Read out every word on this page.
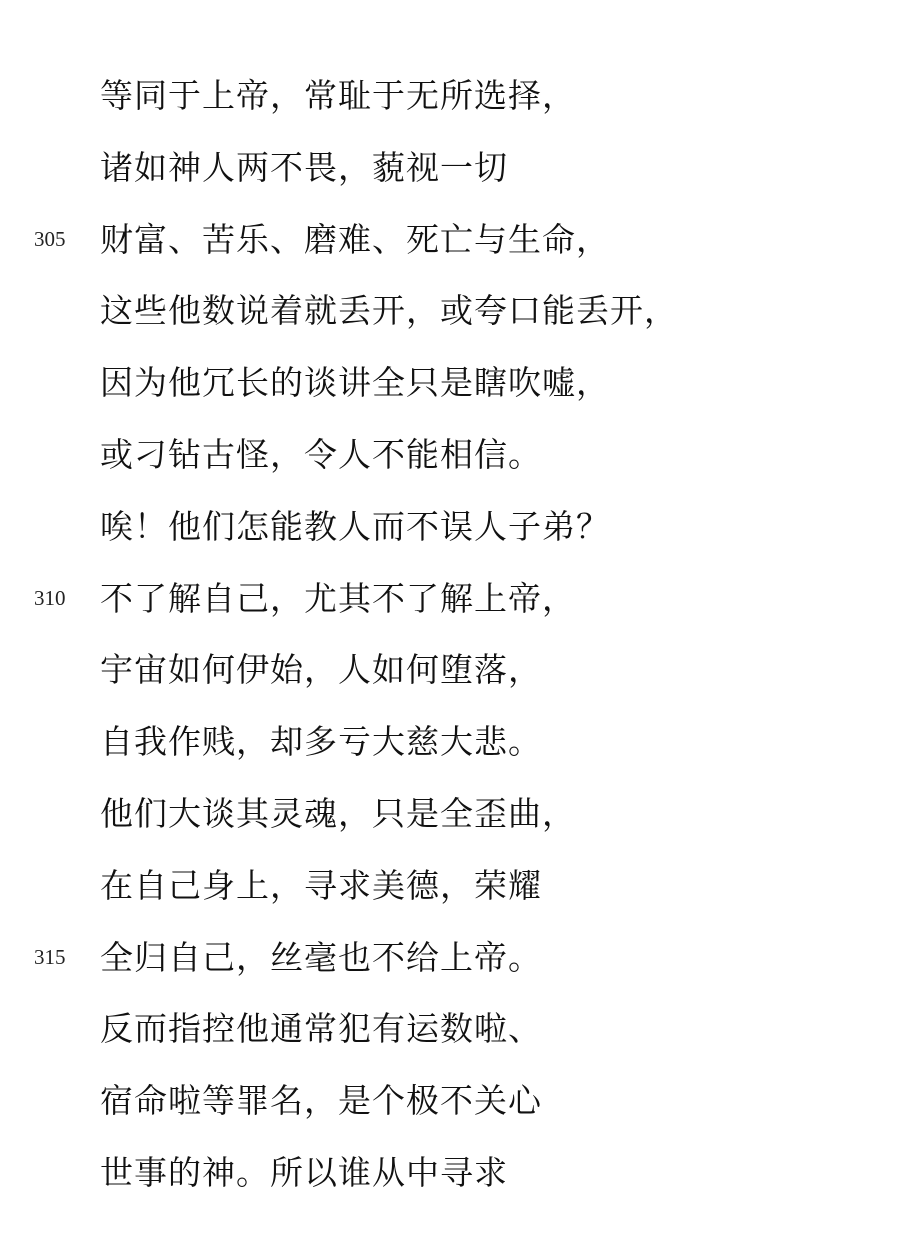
等同于上帝，常耻于无所选择，
诸如神人两不畏，藐视一切
305 财富、苦乐、磨难、死亡与生命，
这些他数说着就丢开，或夸口能丢开，
因为他冗长的谈讲全只是瞎吹嘘，
或刁钻古怪，令人不能相信。
唉！他们怎能教人而不误人子弟？
310 不了解自己，尤其不了解上帝，
宇宙如何伊始，人如何堕落，
自我作贱，却多亏大慈大悲。
他们大谈其灵魂，只是全歪曲，
在自己身上，寻求美德，荣耀
315 全归自己，丝毫也不给上帝。
反而指控他通常犯有运数啦、
宿命啦等罪名，是个极不关心
世事的神。所以谁从中寻求
